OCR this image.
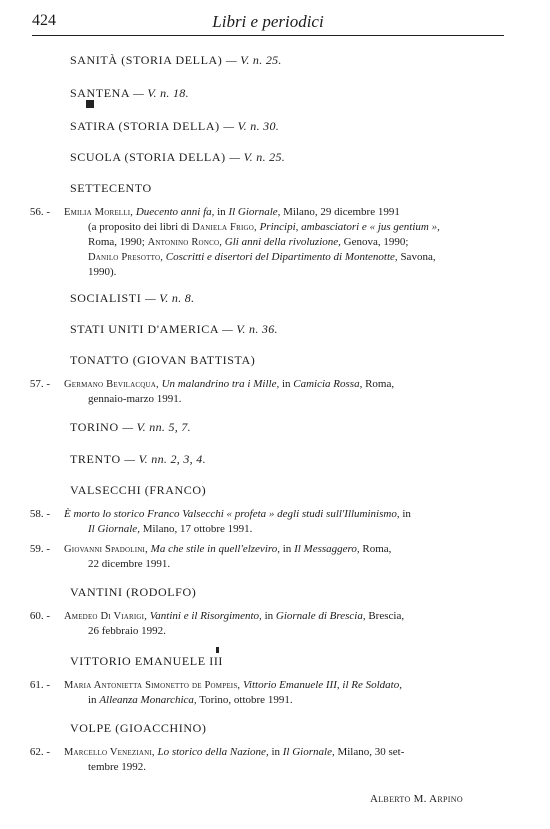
424	Libri e periodici
SANITÀ (STORIA DELLA) — V. n. 25.
SANTENA — V. n. 18.
SATIRA (STORIA DELLA) — V. n. 30.
SCUOLA (STORIA DELLA) — V. n. 25.
SETTECENTO
56. - Emilia Morelli, Duecento anni fa, in Il Giornale, Milano, 29 dicembre 1991
(a proposito dei libri di Daniela Frigo, Principi, ambasciatori e « jus gentium »,
Roma, 1990; Antonino Ronco, Gli anni della rivoluzione, Genova, 1990;
Danilo Presotto, Coscritti e disertori del Dipartimento di Montenotte, Savona,
1990).
SOCIALISTI — V. n. 8.
STATI UNITI D'AMERICA — V. n. 36.
TONATTO (GIOVAN BATTISTA)
57. - Germano Bevilacqua, Un malandrino tra i Mille, in Camicia Rossa, Roma,
gennaio-marzo 1991.
TORINO — V. nn. 5, 7.
TRENTO — V. nn. 2, 3, 4.
VALSECCHI (FRANCO)
58. - È morto lo storico Franco Valsecchi « profeta » degli studi sull'Illuminismo, in
Il Giornale, Milano, 17 ottobre 1991.
59. - Giovanni Spadolini, Ma che stile in quell'elzeviro, in Il Messaggero, Roma,
22 dicembre 1991.
VANTINI (RODOLFO)
60. - Amedeo Di Viarigi, Vantini e il Risorgimento, in Giornale di Brescia, Brescia,
26 febbraio 1992.
VITTORIO EMANUELE III
61. - Maria Antonietta Simonetto de Pompeis, Vittorio Emanuele III, il Re Soldato,
in Alleanza Monarchica, Torino, ottobre 1991.
VOLPE (GIOACCHINO)
62. - Marcello Veneziani, Lo storico della Nazione, in Il Giornale, Milano, 30 set-
tembre 1992.
Alberto M. Arpino
